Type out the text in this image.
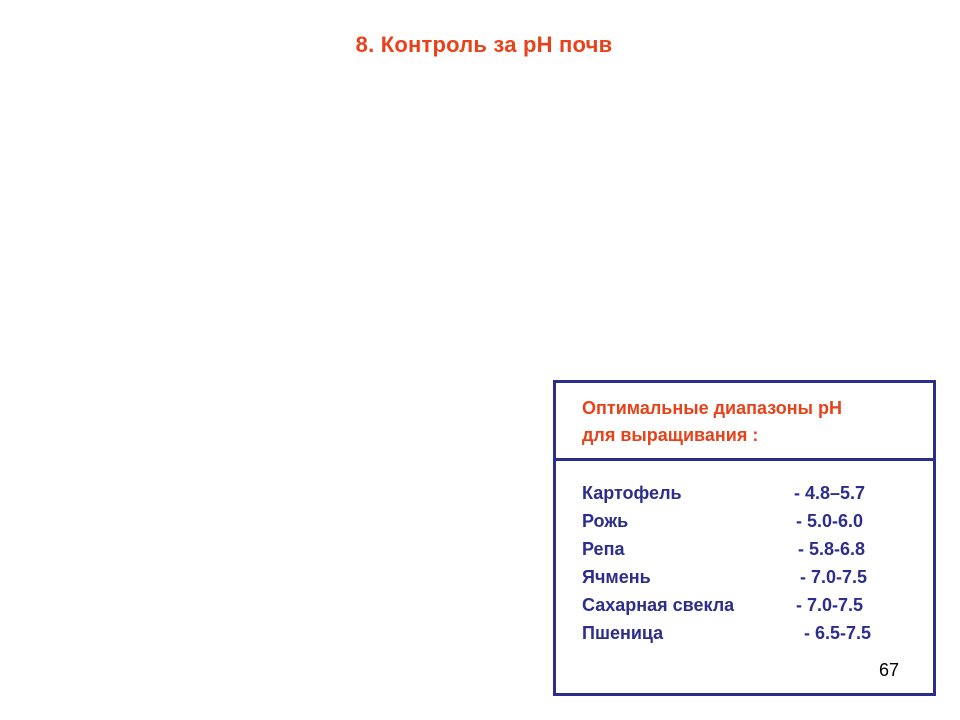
8. Контроль за рН почв
Оптимальные диапазоны рН
для выращивания :
Картофель	- 4.8–5.7
Рожь	- 5.0-6.0
Репа	- 5.8-6.8
Ячмень	- 7.0-7.5
Сахарная свекла	- 7.0-7.5
Пшеница	- 6.5-7.5
67
